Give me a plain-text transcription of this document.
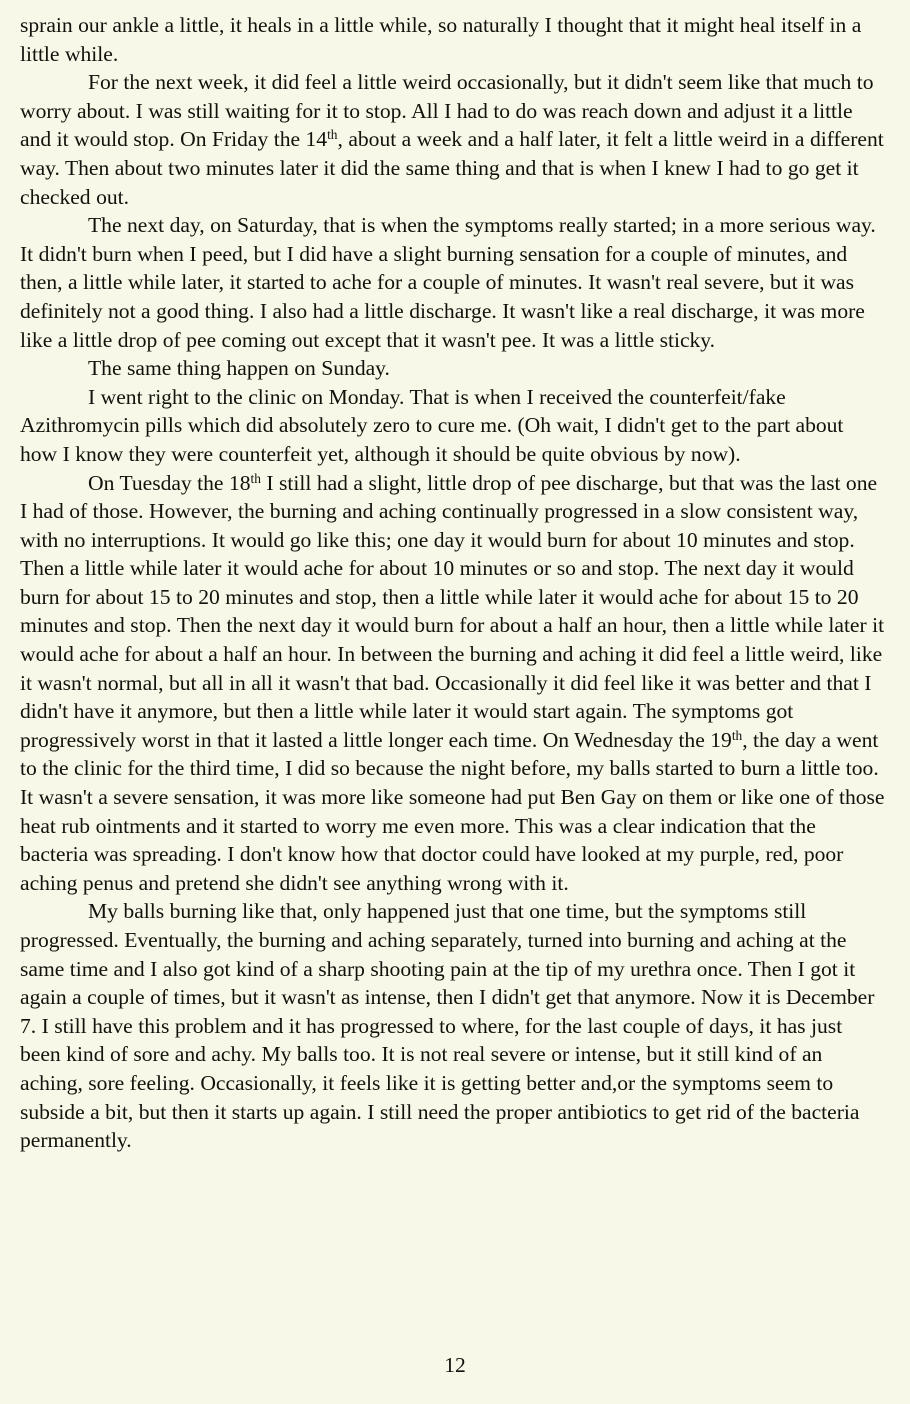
sprain our ankle a little, it heals in a little while, so naturally I thought that it might heal itself in a little while.

For the next week, it did feel a little weird occasionally, but it didn't seem like that much to worry about. I was still waiting for it to stop. All I had to do was reach down and adjust it a little and it would stop. On Friday the 14th, about a week and a half later, it felt a little weird in a different way. Then about two minutes later it did the same thing and that is when I knew I had to go get it checked out.

The next day, on Saturday, that is when the symptoms really started; in a more serious way. It didn't burn when I peed, but I did have a slight burning sensation for a couple of minutes, and then, a little while later, it started to ache for a couple of minutes. It wasn't real severe, but it was definitely not a good thing. I also had a little discharge. It wasn't like a real discharge, it was more like a little drop of pee coming out except that it wasn't pee. It was a little sticky.

The same thing happen on Sunday.

I went right to the clinic on Monday. That is when I received the counterfeit/fake Azithromycin pills which did absolutely zero to cure me. (Oh wait, I didn't get to the part about how I know they were counterfeit yet, although it should be quite obvious by now).

On Tuesday the 18th I still had a slight, little drop of pee discharge, but that was the last one I had of those. However, the burning and aching continually progressed in a slow consistent way, with no interruptions. It would go like this; one day it would burn for about 10 minutes and stop. Then a little while later it would ache for about 10 minutes or so and stop. The next day it would burn for about 15 to 20 minutes and stop, then a little while later it would ache for about 15 to 20 minutes and stop. Then the next day it would burn for about a half an hour, then a little while later it would ache for about a half an hour. In between the burning and aching it did feel a little weird, like it wasn't normal, but all in all it wasn't that bad. Occasionally it did feel like it was better and that I didn't have it anymore, but then a little while later it would start again. The symptoms got progressively worst in that it lasted a little longer each time. On Wednesday the 19th, the day a went to the clinic for the third time, I did so because the night before, my balls started to burn a little too. It wasn't a severe sensation, it was more like someone had put Ben Gay on them or like one of those heat rub ointments and it started to worry me even more. This was a clear indication that the bacteria was spreading. I don't know how that doctor could have looked at my purple, red, poor aching penus and pretend she didn't see anything wrong with it.

My balls burning like that, only happened just that one time, but the symptoms still progressed. Eventually, the burning and aching separately, turned into burning and aching at the same time and I also got kind of a sharp shooting pain at the tip of my urethra once. Then I got it again a couple of times, but it wasn't as intense, then I didn't get that anymore. Now it is December 7. I still have this problem and it has progressed to where, for the last couple of days, it has just been kind of sore and achy. My balls too. It is not real severe or intense, but it still kind of an aching, sore feeling. Occasionally, it feels like it is getting better and,or the symptoms seem to subside a bit, but then it starts up again. I still need the proper antibiotics to get rid of the bacteria permanently.

12
